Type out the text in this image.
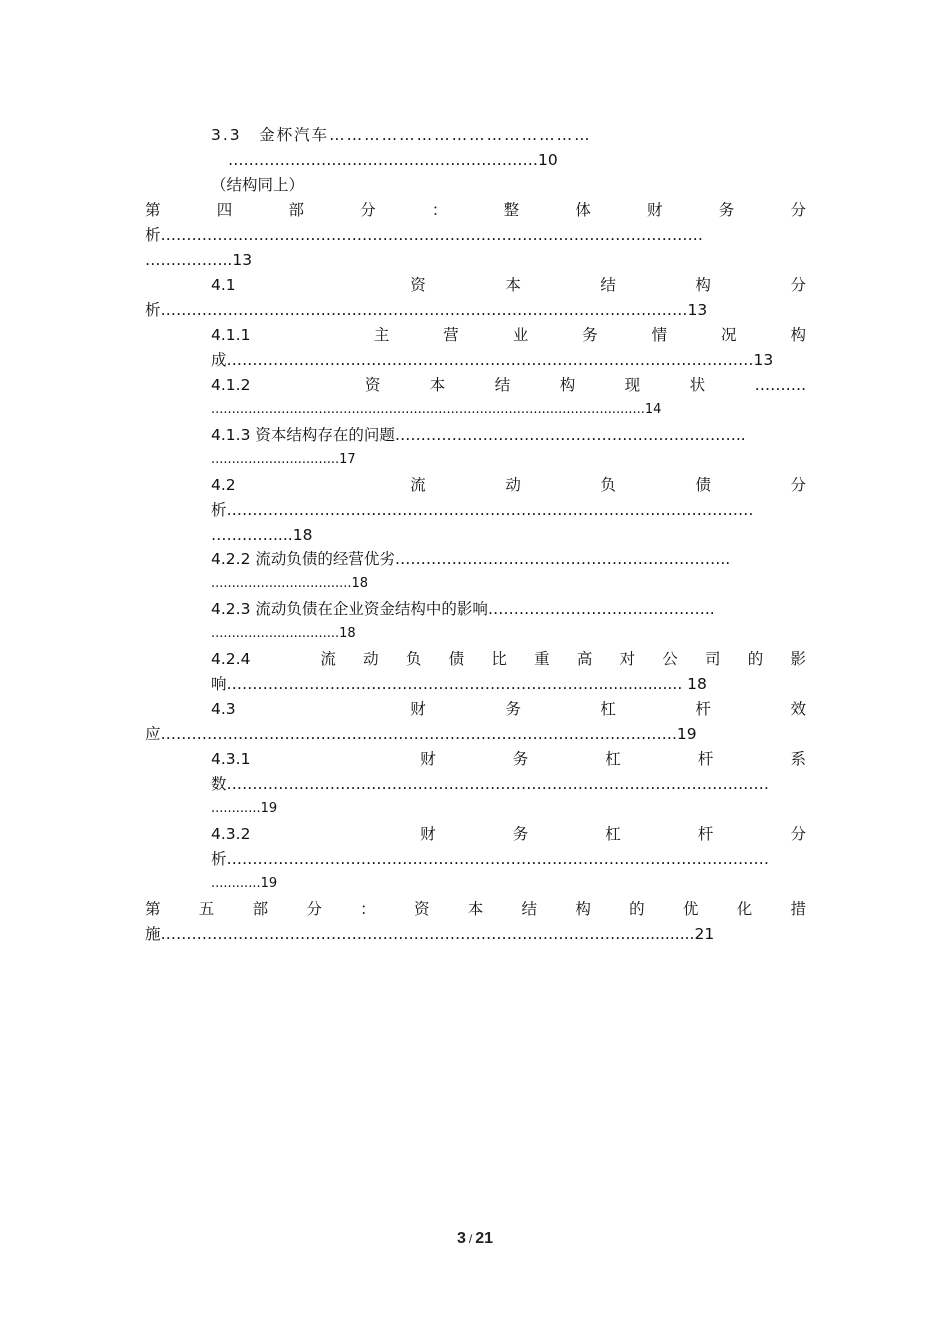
3.3　金杯汽车………………………………………
……………………………………………………10
（结构同上）
第四部分：整体财务分
析……………………………………………………………………………………………
……………..13
4.1　资本结构分
析…………………………………………………………………………………………13
4.1.1　主营业务情况构
成…………………………………………………………………………………………13
4.1.2　资本结构现状……….
.........................................................................................................14
4.1.3 资本结构存在的问题…………………………………………………………..
...............................17
4.2　流动负债分
析…………………………………………………………………………………………
…………....18
4.2.2 流动负债的经营优劣………………………………………………………..
..................................18
4.2.3 流动负债在企业资金结构中的影响……………………………………..
...............................18
4.2.4　流动负债比重高对公司的影
响………………………………………………………………................. 18
4.3　财务杠杆效
应……………………………………………………………………………………….19
4.3.1　财务杠杆系
数……………………………………………………………………………………………
............19
4.3.2　财务杠杆分
析……………………………………………………………………………………………
............19
第五部分：资本结构的优化措
施………………………………………………………………………………..............21
3 / 21
